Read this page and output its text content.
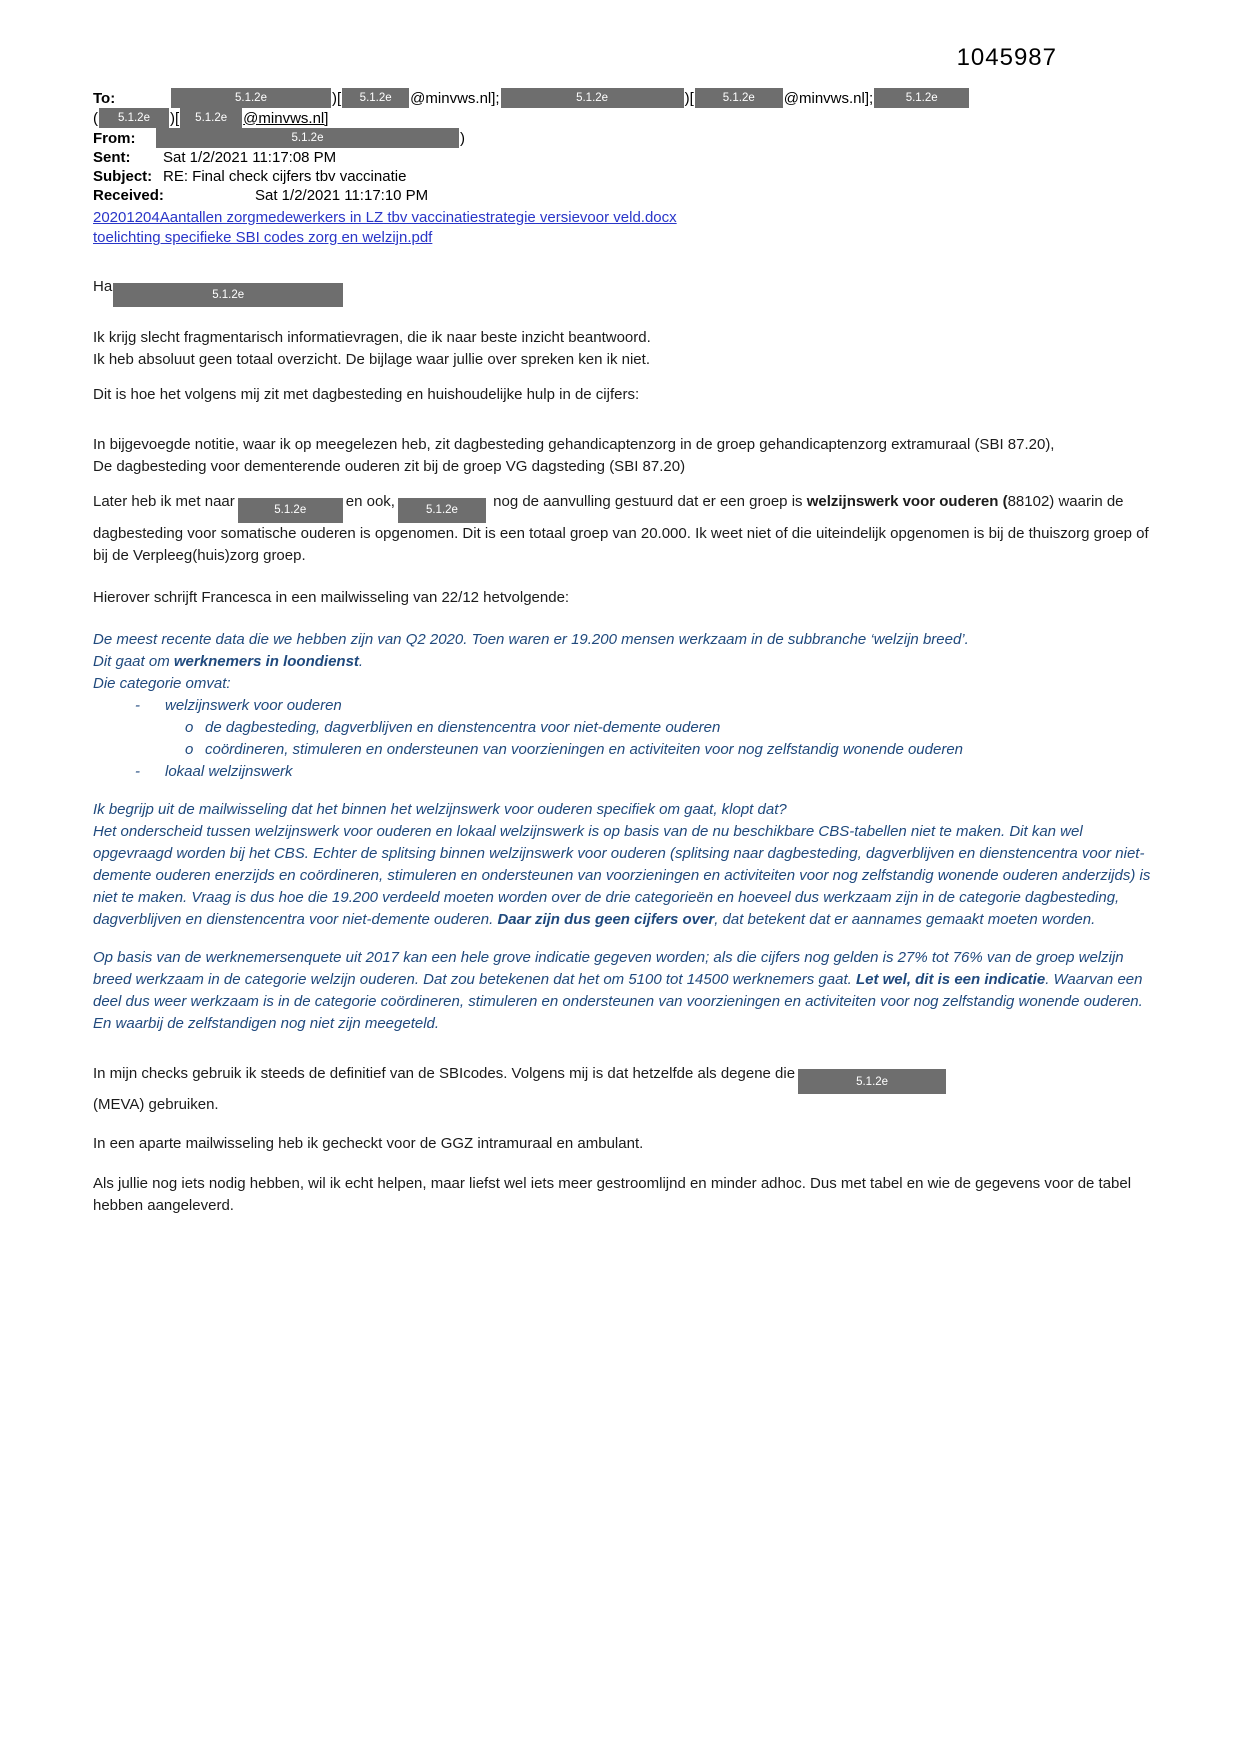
1045987
To:	5.1.2e	)[	5.1.2e	@minvws.nl];	5.1.2e	)[	5.1.2e	@minvws.nl];	5.1.2e
(	5.1.2e	)[	5.1.2e	@minvws.nl]
From:	5.1.2e	)
Sent:	Sat 1/2/2021 11:17:08 PM
Subject: RE: Final check cijfers tbv vaccinatie
Received:	Sat 1/2/2021 11:17:10 PM
20201204Aantallen zorgmedewerkers in LZ tbv vaccinatiestrategie versievoor veld.docx
toelichting specifieke SBI codes zorg en welzijn.pdf
Ha	5.1.2e
Ik krijg slecht fragmentarisch informatievragen, die ik naar beste inzicht beantwoord.
Ik heb absoluut geen totaal overzicht. De bijlage waar jullie over spreken ken ik niet.
Dit is hoe het volgens mij zit met dagbesteding en huishoudelijke hulp in de cijfers:
In bijgevoegde notitie, waar ik op meegelezen heb, zit dagbesteding gehandicaptenzorg in de groep gehandicaptenzorg extramuraal (SBI 87.20),
De dagbesteding voor dementerende ouderen zit bij de groep VG dagsteding (SBI 87.20)
Later heb ik met naar	5.1.2e	en ook,	5.1.2e nog de aanvulling gestuurd dat er een groep is welzijnswerk voor ouderen (88102) waarin de dagbesteding voor somatische ouderen is opgenomen. Dit is een totaal groep van 20.000. Ik weet niet of die uiteindelijk opgenomen is bij de thuiszorg groep of bij de Verpleeg(huis)zorg groep.
Hierover schrijft Francesca in een mailwisseling van 22/12 hetvolgende:
De meest recente data die we hebben zijn van Q2 2020. Toen waren er 19.200 mensen werkzaam in de subbranche ‘welzijn breed’.
Dit gaat om werknemers in loondienst.
Die categorie omvat:
-	welzijnswerk voor ouderen
o de dagbesteding, dagverblijven en dienstencentra voor niet-demente ouderen
o coördineren, stimuleren en ondersteunen van voorzieningen en activiteiten voor nog zelfstandig wonende ouderen
-	lokaal welzijnswerk
Ik begrijp uit de mailwisseling dat het binnen het welzijnswerk voor ouderen specifiek om gaat, klopt dat?
Het onderscheid tussen welzijnswerk voor ouderen en lokaal welzijnswerk is op basis van de nu beschikbare CBS-tabellen niet te maken. Dit kan wel opgevraagd worden bij het CBS. Echter de splitsing binnen welzijnswerk voor ouderen (splitsing naar dagbesteding, dagverblijven en dienstencentra voor niet-demente ouderen enerzijds en coördineren, stimuleren en ondersteunen van voorzieningen en activiteiten voor nog zelfstandig wonende ouderen anderzijds) is niet te maken. Vraag is dus hoe die 19.200 verdeeld moeten worden over de drie categorieën en hoeveel dus werkzaam zijn in de categorie dagbesteding, dagverblijven en dienstencentra voor niet-demente ouderen. Daar zijn dus geen cijfers over, dat betekent dat er aannames gemaakt moeten worden.
Op basis van de werknemersenquete uit 2017 kan een hele grove indicatie gegeven worden; als die cijfers nog gelden is 27% tot 76% van de groep welzijn breed werkzaam in de categorie welzijn ouderen. Dat zou betekenen dat het om 5100 tot 14500 werknemers gaat. Let wel, dit is een indicatie. Waarvan een deel dus weer werkzaam is in de categorie coördineren, stimuleren en ondersteunen van voorzieningen en activiteiten voor nog zelfstandig wonende ouderen. En waarbij de zelfstandigen nog niet zijn meegeteld.
In mijn checks gebruik ik steeds de definitief van de SBIcodes. Volgens mij is dat hetzelfde als degene die	5.1.2e
(MEVA) gebruiken.
In een aparte mailwisseling heb ik gecheckt voor de GGZ intramuraal en ambulant.
Als jullie nog iets nodig hebben, wil ik echt helpen, maar liefst wel iets meer gestroomlijnd en minder adhoc. Dus met tabel en wie de gegevens voor de tabel hebben aangeleverd.
